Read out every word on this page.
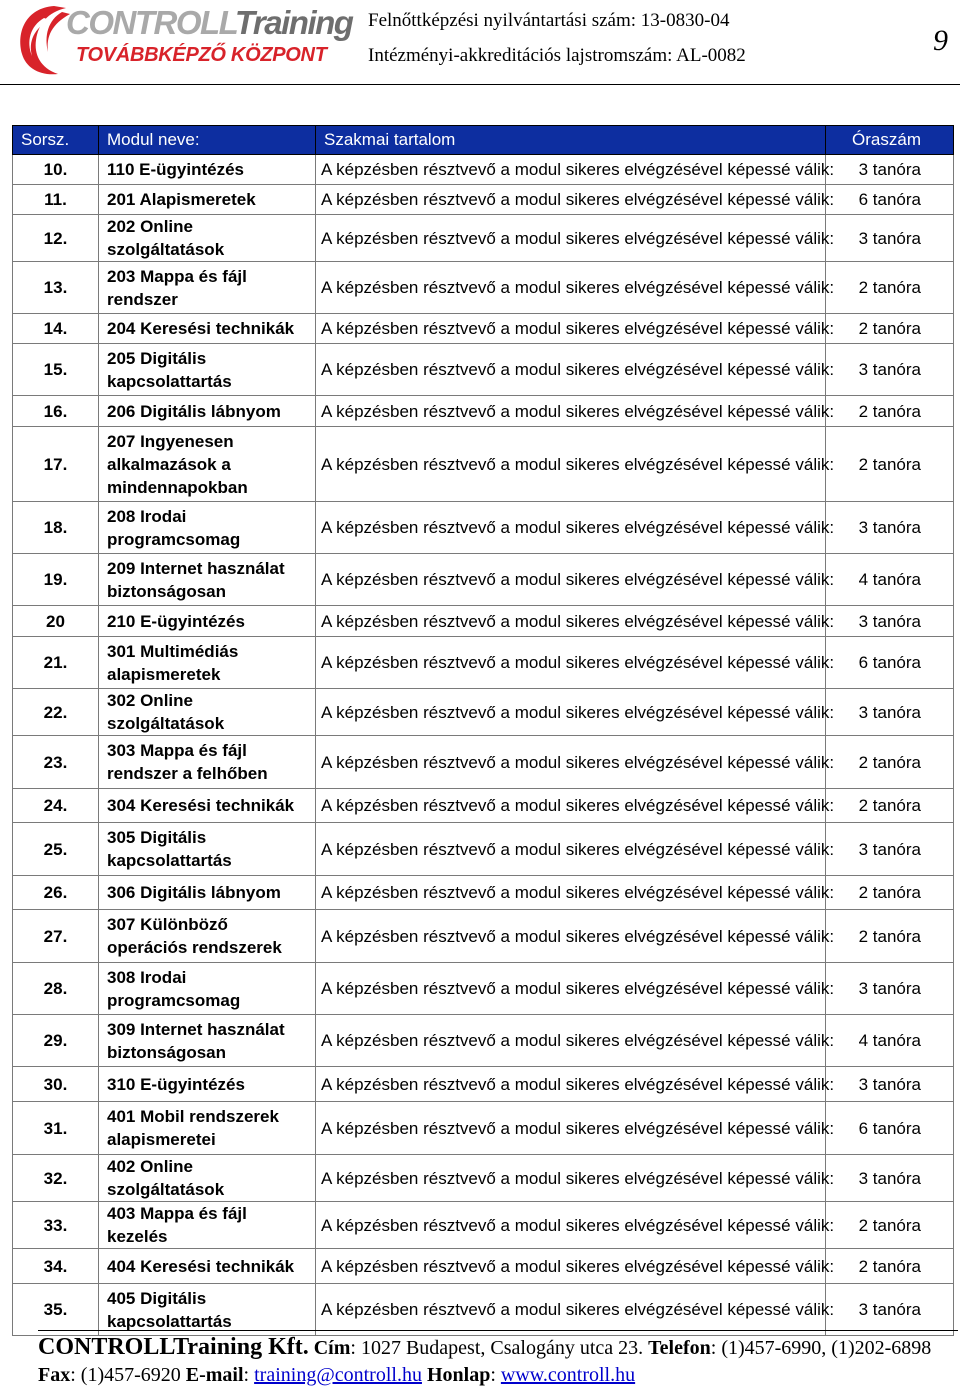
CONTROLLTraining
TOVÁBBKÉPZŐ KÖZPONT
Felnőttképzési nyilvántartási szám: 13-0830-04
Intézményi-akkreditációs lajstromszám: AL-0082	9
Sorsz.	Modul neve:	Szakmai tartalom	Óraszám
10.	110 E-ügyintézés	A képzésben résztvevő a modul sikeres elvégzésével képessé válik:	3 tanóra
11.	201 Alapismeretek	A képzésben résztvevő a modul sikeres elvégzésével képessé válik:	6 tanóra
12.	202 Online szolgáltatások	A képzésben résztvevő a modul sikeres elvégzésével képessé válik:	3 tanóra
13.	203 Mappa és fájl rendszer	A képzésben résztvevő a modul sikeres elvégzésével képessé válik:	2 tanóra
14.	204 Keresési technikák	A képzésben résztvevő a modul sikeres elvégzésével képessé válik:	2 tanóra
15.	205 Digitális kapcsolattartás	A képzésben résztvevő a modul sikeres elvégzésével képessé válik:	3 tanóra
16.	206 Digitális lábnyom	A képzésben résztvevő a modul sikeres elvégzésével képessé válik:	2 tanóra
17.	207 Ingyenesen alkalmazások a mindennapokban	A képzésben résztvevő a modul sikeres elvégzésével képessé válik:	2 tanóra
18.	208 Irodai programcsomag	A képzésben résztvevő a modul sikeres elvégzésével képessé válik:	3 tanóra
19.	209 Internet használat biztonságosan	A képzésben résztvevő a modul sikeres elvégzésével képessé válik:	4 tanóra
20	210 E-ügyintézés	A képzésben résztvevő a modul sikeres elvégzésével képessé válik:	3 tanóra
21.	301 Multimédiás alapismeretek	A képzésben résztvevő a modul sikeres elvégzésével képessé válik:	6 tanóra
22.	302 Online szolgáltatások	A képzésben résztvevő a modul sikeres elvégzésével képessé válik:	3 tanóra
23.	303 Mappa és fájl rendszer a felhőben	A képzésben résztvevő a modul sikeres elvégzésével képessé válik:	2 tanóra
24.	304 Keresési technikák	A képzésben résztvevő a modul sikeres elvégzésével képessé válik:	2 tanóra
25.	305 Digitális kapcsolattartás	A képzésben résztvevő a modul sikeres elvégzésével képessé válik:	3 tanóra
26.	306 Digitális lábnyom	A képzésben résztvevő a modul sikeres elvégzésével képessé válik:	2 tanóra
27.	307 Különböző operációs rendszerek	A képzésben résztvevő a modul sikeres elvégzésével képessé válik:	2 tanóra
28.	308 Irodai programcsomag	A képzésben résztvevő a modul sikeres elvégzésével képessé válik:	3 tanóra
29.	309 Internet használat biztonságosan	A képzésben résztvevő a modul sikeres elvégzésével képessé válik:	4 tanóra
30.	310 E-ügyintézés	A képzésben résztvevő a modul sikeres elvégzésével képessé válik:	3 tanóra
31.	401 Mobil rendszerek alapismeretei	A képzésben résztvevő a modul sikeres elvégzésével képessé válik:	6 tanóra
32.	402 Online szolgáltatások	A képzésben résztvevő a modul sikeres elvégzésével képessé válik:	3 tanóra
33.	403 Mappa és fájl kezelés	A képzésben résztvevő a modul sikeres elvégzésével képessé válik:	2 tanóra
34.	404 Keresési technikák	A képzésben résztvevő a modul sikeres elvégzésével képessé válik:	2 tanóra
35.	405 Digitális kapcsolattartás	A képzésben résztvevő a modul sikeres elvégzésével képessé válik:	3 tanóra
CONTROLLTraining Kft. Cím: 1027 Budapest, Csalogány utca 23. Telefon: (1)457-6990, (1)202-6898 Fax: (1)457-6920 E-mail: training@controll.hu Honlap: www.controll.hu
